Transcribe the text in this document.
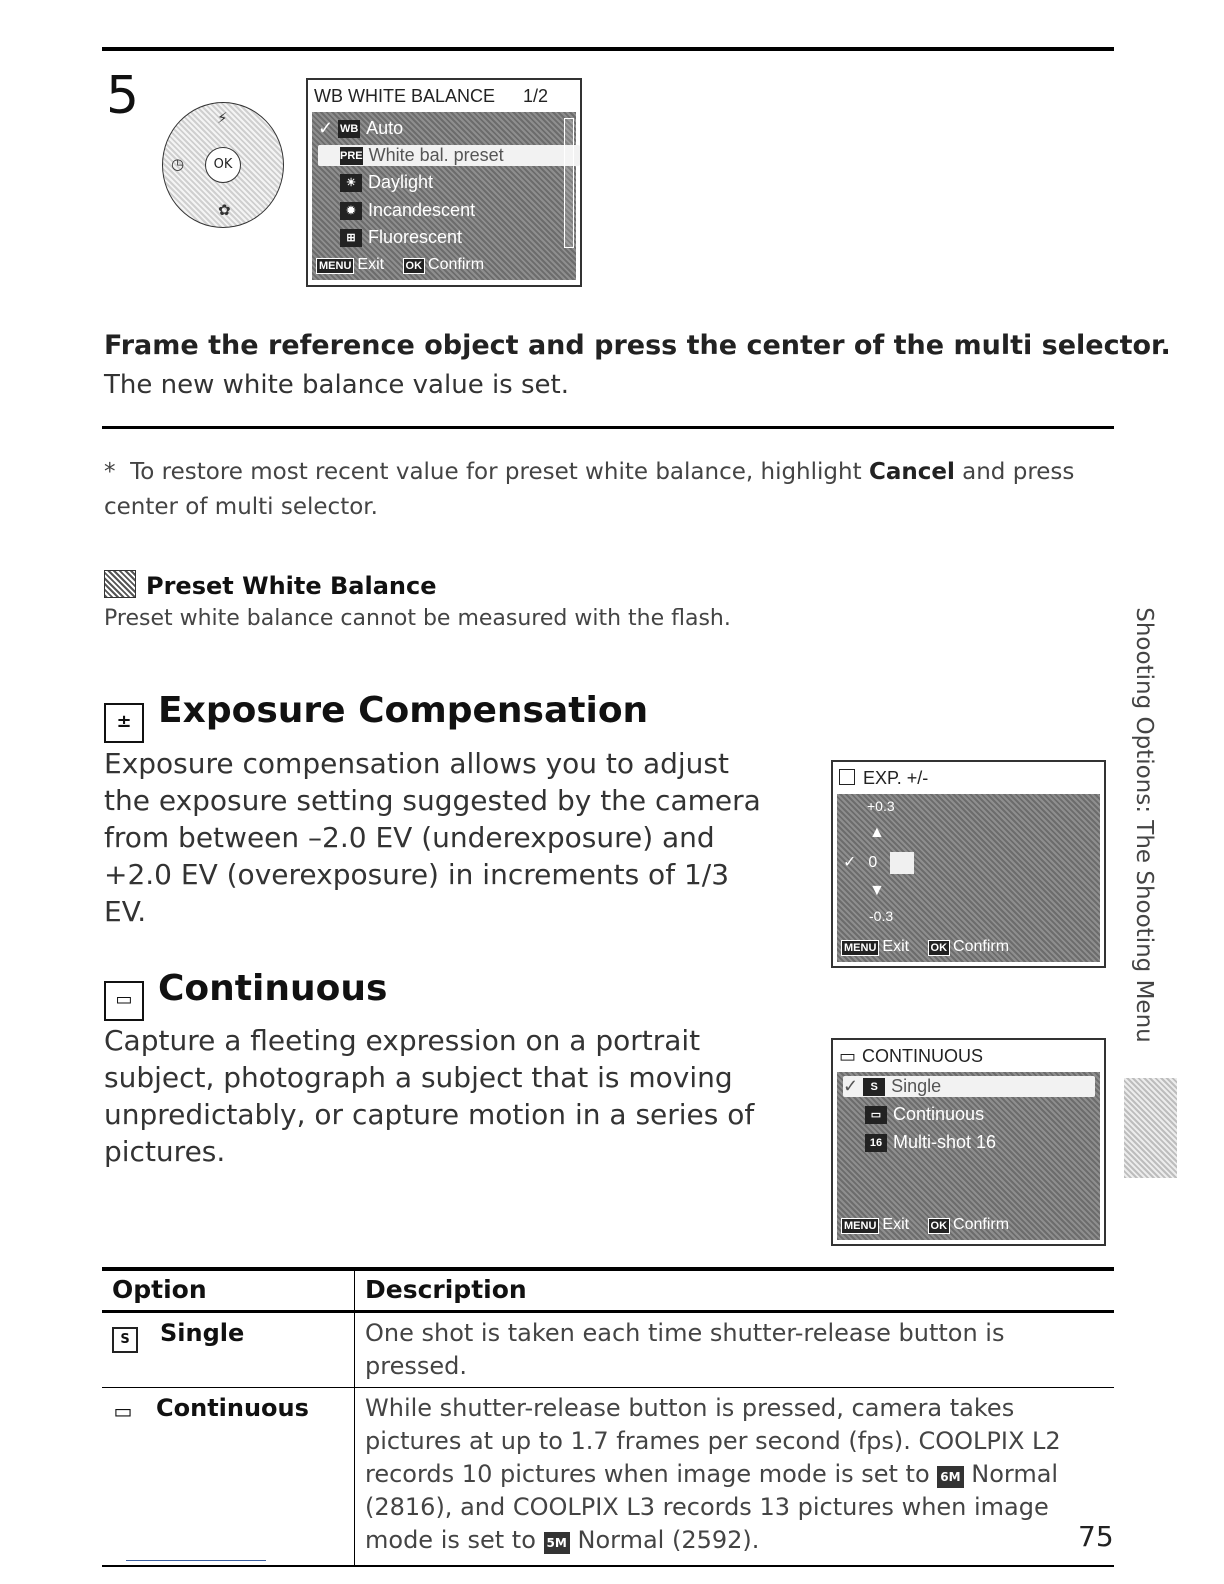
5	⚡
◷
✿
OK
WB WHITE BALANCE 1/2
✓ WB Auto
PRE White bal. preset
☀ Daylight
✹ Incandescent
⊞ Fluorescent
MENU Exit OK Confirm
Frame the reference object and press the center of the multi selector.
The new white balance value is set.
* To restore most recent value for preset white balance, highlight Cancel and press center of multi selector.
Preset White Balance
Preset white balance cannot be measured with the flash.
± Exposure Compensation
Exposure compensation allows you to adjust the exposure setting suggested by the camera from between –2.0 EV (underexposure) and +2.0 EV (overexposure) in increments of 1/3 EV.
EXP. +/-
+0.3
▲
✓ 0
▼
-0.3
MENU Exit OK Confirm
▭ Continuous
Capture a fleeting expression on a portrait subject, photograph a subject that is moving unpredictably, or capture motion in a series of pictures.
▭ CONTINUOUS
✓ S Single
▭ Continuous
16 Multi-shot 16
MENU Exit OK Confirm
Shooting Options: The Shooting Menu
Option	Description
S Single	One shot is taken each time shutter-release button is pressed.
▭ Continuous	While shutter-release button is pressed, camera takes pictures at up to 1.7 frames per second (fps). COOLPIX L2 records 10 pictures when image mode is set to 6M Normal (2816), and COOLPIX L3 records 13 pictures when image mode is set to 5M Normal (2592).	75
